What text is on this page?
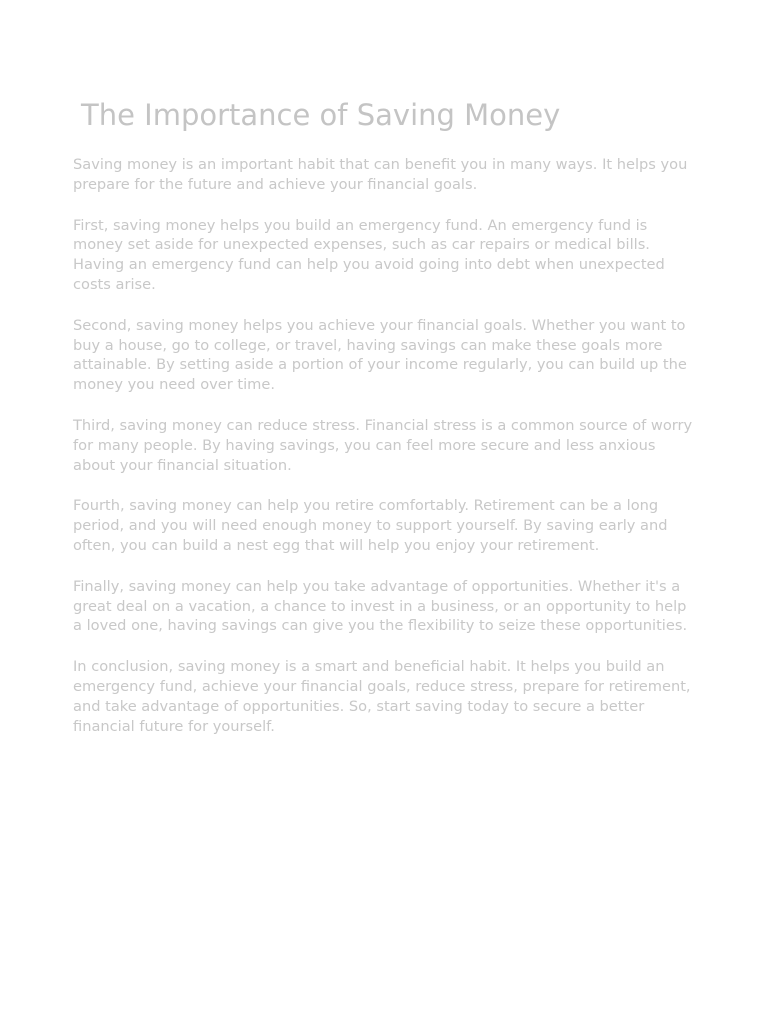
The Importance of Saving Money

Saving money is an important habit that can benefit you in many ways. It helps you prepare for the future and achieve your financial goals.

First, saving money helps you build an emergency fund. An emergency fund is money set aside for unexpected expenses, such as car repairs or medical bills. Having an emergency fund can help you avoid going into debt when unexpected costs arise.

Second, saving money helps you achieve your financial goals. Whether you want to buy a house, go to college, or travel, having savings can make these goals more attainable. By setting aside a portion of your income regularly, you can build up the money you need over time.

Third, saving money can reduce stress. Financial stress is a common source of worry for many people. By having savings, you can feel more secure and less anxious about your financial situation.

Fourth, saving money can help you retire comfortably. Retirement can be a long period, and you will need enough money to support yourself. By saving early and often, you can build a nest egg that will help you enjoy your retirement.

Finally, saving money can help you take advantage of opportunities. Whether it's a great deal on a vacation, a chance to invest in a business, or an opportunity to help a loved one, having savings can give you the flexibility to seize these opportunities.

In conclusion, saving money is a smart and beneficial habit. It helps you build an emergency fund, achieve your financial goals, reduce stress, prepare for retirement, and take advantage of opportunities. So, start saving today to secure a better financial future for yourself.
